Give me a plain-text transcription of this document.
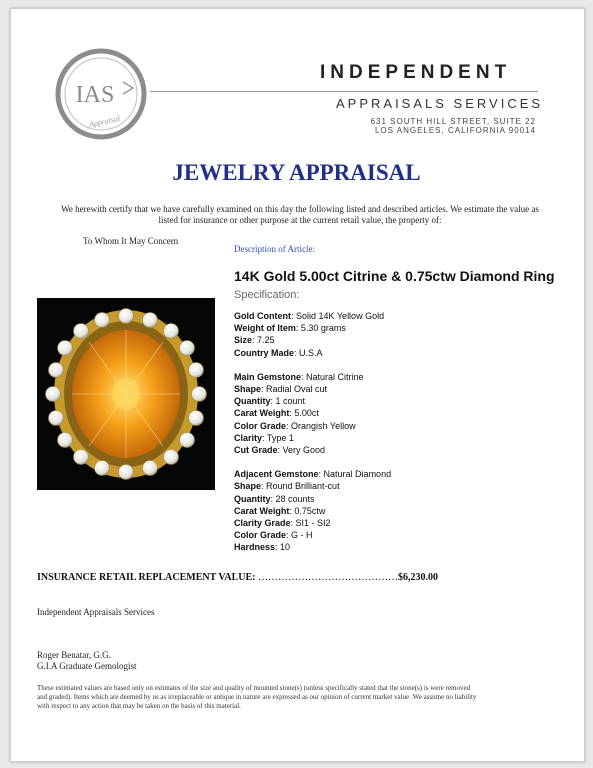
IAS
Appraisal
INDEPENDENT
APPRAISALS SERVICES
631 SOUTH HILL STREET, SUITE 22
LOS ANGELES, CALIFORNIA 90014
JEWELRY APPRAISAL
We herewith certify that we have carefully examined on this day the following listed and described articles. We estimate the value as listed for insurance or other purpose at the current retail value, the property of:
To Whom It May Concern
Description of Article:
14K Gold 5.00ct Citrine & 0.75ctw Diamond Ring
Specification:
Gold Content: Solid 14K Yellow Gold
Weight of Item: 5.30 grams
Size: 7.25
Country Made: U.S.A
Main Gemstone: Natural Citrine
Shape: Radial Oval cut
Quantity: 1 count
Carat Weight: 5.00ct
Color Grade: Orangish Yellow
Clarity: Type 1
Cut Grade: Very Good
Adjacent Gemstone: Natural Diamond
Shape: Round Brilliant-cut
Quantity: 28 counts
Carat Weight: 0.75ctw
Clarity Grade: SI1 - SI2
Color Grade: G - H
Hardness: 10
INSURANCE RETAIL REPLACEMENT VALUE: ……………………………………$6,230.00
Independent Appraisals Services
Roger Benatar, G.G.
G.I.A Graduate Gemologist
These estimated values are based only on estimates of the size and quality of mounted stone(s) (unless specifically stated that the stone(s) is were removed and graded). Items which are deemed by us as irreplaceable or antique in nature are expressed as our opinion of current market value .We assume no liability with respect to any action that may be taken on the basis of this material.
